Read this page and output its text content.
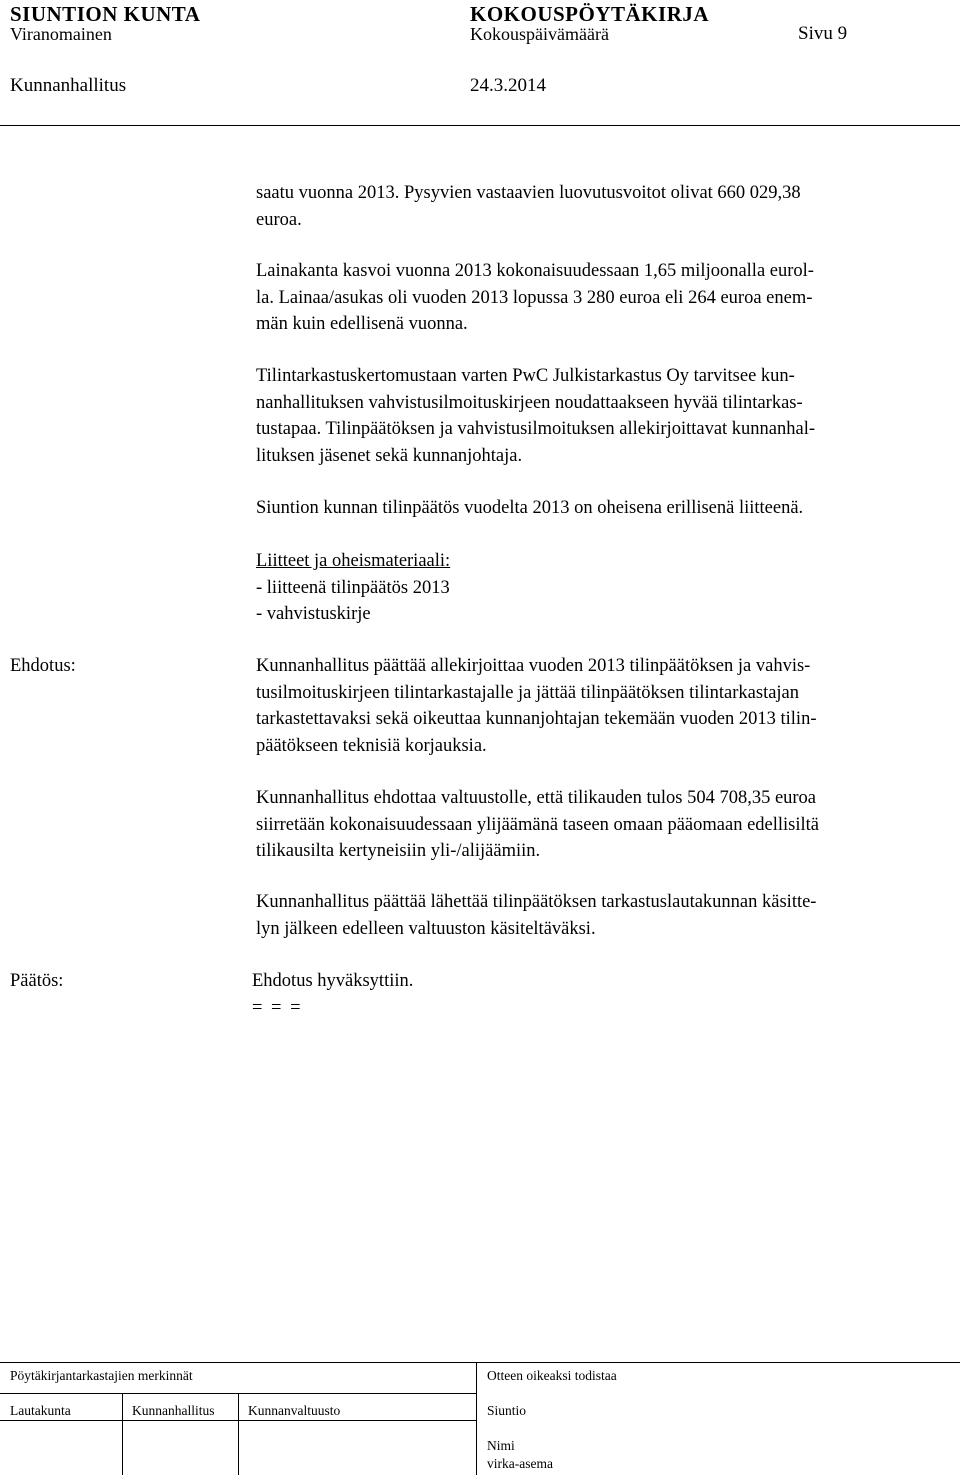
SIUNTION KUNTA	KOKOUSPÖYTÄKIRJA
Viranomainen	Kokouspäivämäärä	Sivu 9
Kunnanhallitus	24.3.2014
saatu vuonna 2013. Pysyvien vastaavien luovutusvoitot olivat 660 029,38
euroa.
Lainakanta kasvoi vuonna 2013 kokonaisuudessaan 1,65 miljoonalla eurol-
la. Lainaa/asukas oli vuoden 2013 lopussa 3 280 euroa eli 264 euroa enem-
män kuin edellisenä vuonna.
Tilintarkastuskertomustaan varten PwC Julkistarkastus Oy tarvitsee kun-
nanhallituksen vahvistusilmoituskirjeen noudattaakseen hyvää tilintarkas-
tustapaa. Tilinpäätöksen ja vahvistusilmoituksen allekirjoittavat kunnanhal-
lituksen jäsenet sekä kunnanjohtaja.
Siuntion kunnan tilinpäätös vuodelta 2013 on oheisena erillisenä liitteenä.
Liitteet ja oheismateriaali:
- liitteenä tilinpäätös 2013
- vahvistuskirje
Ehdotus:	Kunnanhallitus päättää allekirjoittaa vuoden 2013 tilinpäätöksen ja vahvis-
tusilmoituskirjeen tilintarkastajalle ja jättää tilinpäätöksen tilintarkastajan
tarkastettavaksi sekä oikeuttaa kunnanjohtajan tekemään vuoden 2013 tilin-
päätökseen teknisiä korjauksia.
Kunnanhallitus ehdottaa valtuustolle, että tilikauden tulos 504 708,35 euroa
siirretään kokonaisuudessaan ylijäämänä taseen omaan pääomaan edellisiltä
tilikausilta kertyneisiin yli-/alijäämiin.
Kunnanhallitus päättää lähettää tilinpäätöksen tarkastuslautakunnan käsitte-
lyn jälkeen edelleen valtuuston käsiteltäväksi.
Päätös:	Ehdotus hyväksyttiin.
= = =
Pöytäkirjantarkastajien merkinnät	Otteen oikeaksi todistaa
Lautakunta	Kunnanhallitus Kunnanvaltuusto	Siuntio
Nimi
virka-asema
